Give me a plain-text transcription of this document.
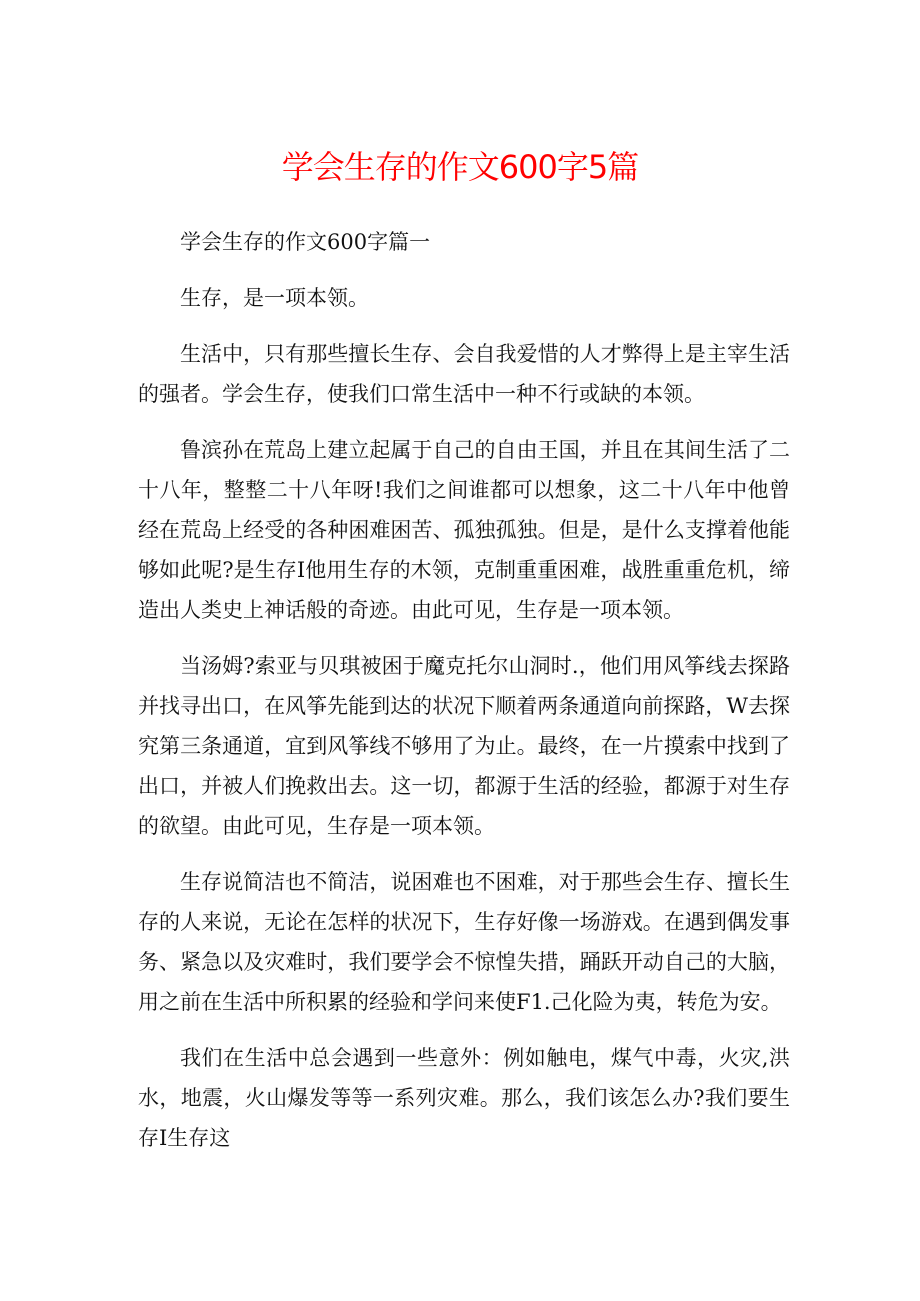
学会生存的作文600字5篇

学会生存的作文600字篇一

生存，是一项本领。

生活中，只有那些擅长生存、会自我爱惜的人才弊得上是主宰生活的强者。学会生存，使我们口常生活中一种不行或缺的本领。

鲁滨孙在荒岛上建立起属于自己的自由王国，并且在其间生活了二十八年，整整二十八年呀!我们之间谁都可以想象，这二十八年中他曾经在荒岛上经受的各种困难困苦、孤独孤独。但是，是什么支撑着他能够如此呢?是生存I他用生存的木领，克制重重困难，战胜重重危机，缔造出人类史上神话般的奇迹。由此可见，生存是一项本领。

当汤姆?索亚与贝琪被困于魔克托尔山洞时.，他们用风筝线去探路并找寻出口，在风筝先能到达的状况下顺着两条通道向前探路，W去探究第三条通道，宜到风筝线不够用了为止。最终，在一片摸索中找到了出口，并被人们挽救出去。这一切，都源于生活的经验，都源于对生存的欲望。由此可见，生存是一项本领。

生存说简洁也不简洁，说困难也不困难，对于那些会生存、擅长生存的人来说，无论在怎样的状况下，生存好像一场游戏。在遇到偶发事务、紧急以及灾难时，我们要学会不惊惶失措，踊跃开动自己的大脑，用之前在生活中所积累的经验和学问来使F1.己化险为夷，转危为安。

我们在生活中总会遇到一些意外：例如触电，煤气中毒，火灾,洪水，地震，火山爆发等等一系列灾难。那么，我们该怎么办?我们要生存I生存这
